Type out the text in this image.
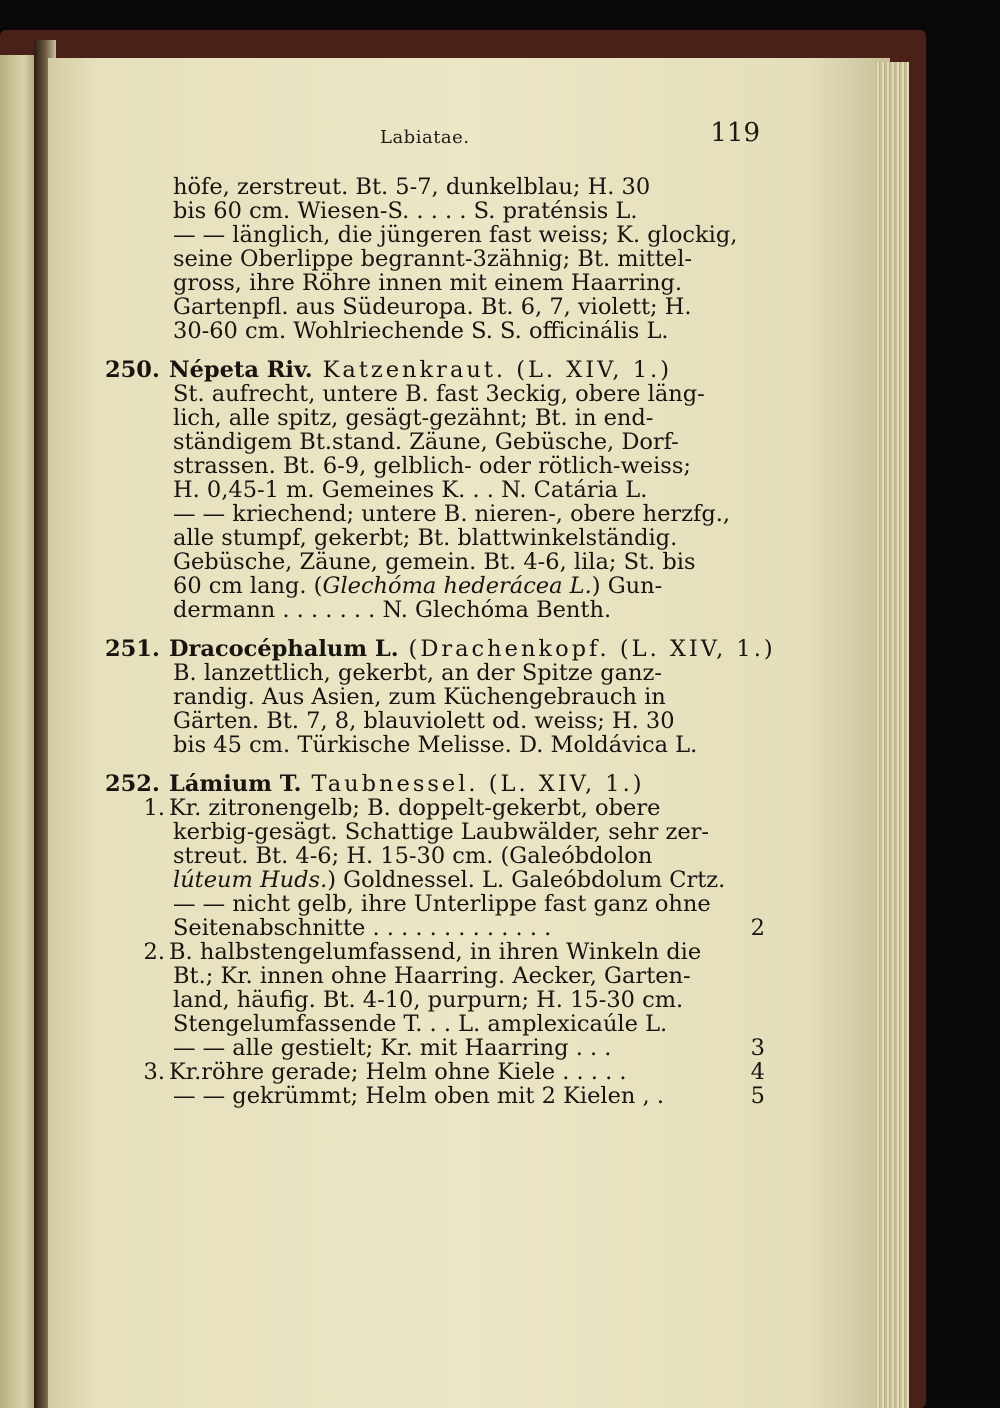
Labiatae.	119
höfe, zerstreut. Bt. 5-7, dunkelblau; H. 30
bis 60 cm. Wiesen-S. . . . . S. praténsis L.
— — länglich, die jüngeren fast weiss; K. glockig,
seine Oberlippe begrannt-3zähnig; Bt. mittel-
gross, ihre Röhre innen mit einem Haarring.
Gartenpfl. aus Südeuropa. Bt. 6, 7, violett; H.
30-60 cm. Wohlriechende S. S. officinális L.
250. Népeta Riv. Katzenkraut. (L. XIV, 1.)
St. aufrecht, untere B. fast 3eckig, obere läng-
lich, alle spitz, gesägt-gezähnt; Bt. in end-
ständigem Bt.stand. Zäune, Gebüsche, Dorf-
strassen. Bt. 6-9, gelblich- oder rötlich-weiss;
H. 0,45-1 m. Gemeines K. . . N. Catária L.
— — kriechend; untere B. nieren-, obere herzfg.,
alle stumpf, gekerbt; Bt. blattwinkelständig.
Gebüsche, Zäune, gemein. Bt. 4-6, lila; St. bis
60 cm lang. ( Glechóma hederácea L. ) Gun-
dermann . . . . . . . N. Glechóma Benth.
251. Dracocéphalum L. (Drachenkopf. (L. XIV, 1.)
B. lanzettlich, gekerbt, an der Spitze ganz-
randig. Aus Asien, zum Küchengebrauch in
Gärten. Bt. 7, 8, blauviolett od. weiss; H. 30
bis 45 cm. Türkische Melisse. D. Moldávica L.
252. Lámium T. Taubnessel. (L. XIV, 1.)
1. Kr. zitronengelb; B. doppelt-gekerbt, obere
kerbig-gesägt. Schattige Laubwälder, sehr zer-
streut. Bt. 4-6; H. 15-30 cm. (Galeóbdolon
lúteum Huds. ) Goldnessel. L. Galeóbdolum Crtz.
— — nicht gelb, ihre Unterlippe fast ganz ohne
Seitenabschnitte . . . . . . . . . . . . .	2
2. B. halbstengelumfassend, in ihren Winkeln die
Bt.; Kr. innen ohne Haarring. Aecker, Garten-
land, häufig. Bt. 4-10, purpurn; H. 15-30 cm.
Stengelumfassende T. . . L. amplexicaúle L.
— — alle gestielt; Kr. mit Haarring . . .	3
3. Kr.röhre gerade; Helm ohne Kiele . . . . .	4
— — gekrümmt; Helm oben mit 2 Kielen , .	5
